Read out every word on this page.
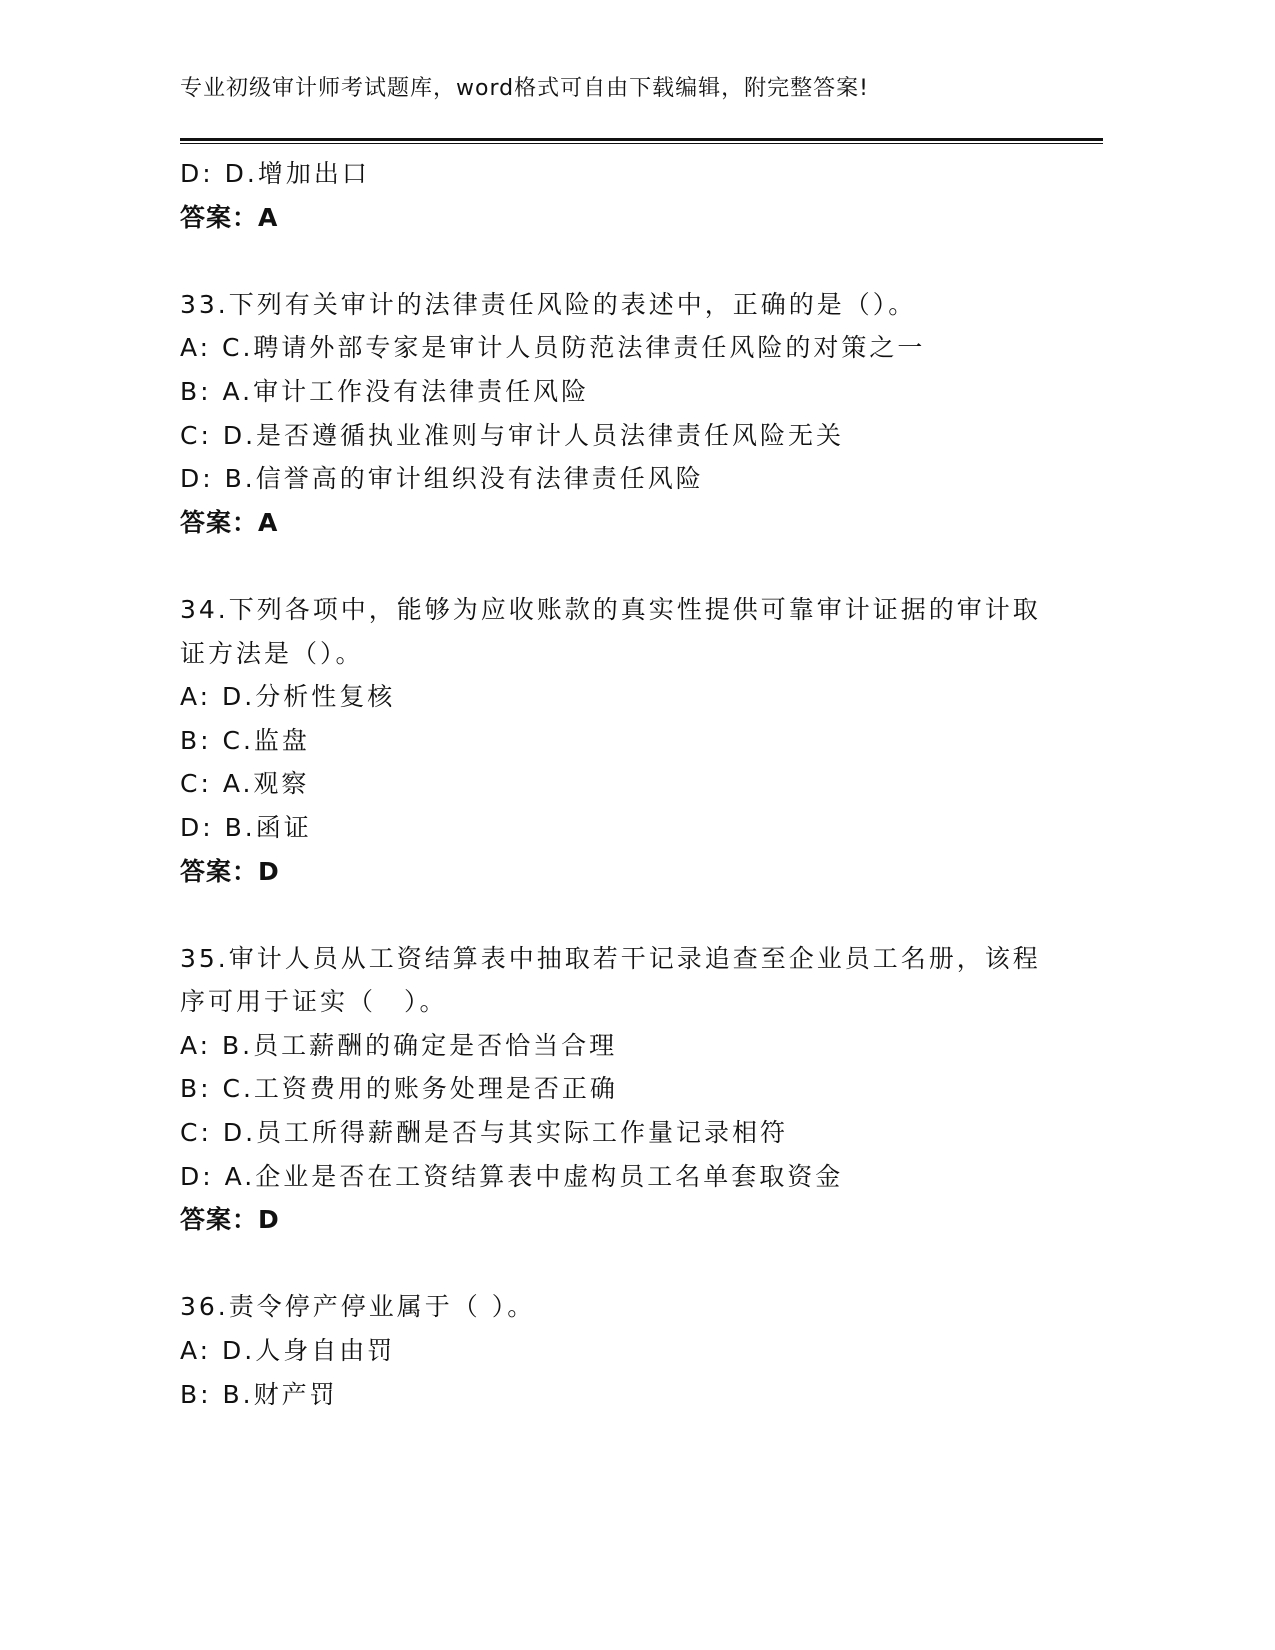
专业初级审计师考试题库，word格式可自由下载编辑，附完整答案!
D: D.增加出口
答案：A
33.下列有关审计的法律责任风险的表述中，正确的是（）。
A: C.聘请外部专家是审计人员防范法律责任风险的对策之一
B: A.审计工作没有法律责任风险
C: D.是否遵循执业准则与审计人员法律责任风险无关
D: B.信誉高的审计组织没有法律责任风险
答案：A
34.下列各项中，能够为应收账款的真实性提供可靠审计证据的审计取
证方法是（）。
A: D.分析性复核
B: C.监盘
C: A.观察
D: B.函证
答案：D
35.审计人员从工资结算表中抽取若干记录追查至企业员工名册，该程
序可用于证实（　）。
A: B.员工薪酬的确定是否恰当合理
B: C.工资费用的账务处理是否正确
C: D.员工所得薪酬是否与其实际工作量记录相符
D: A.企业是否在工资结算表中虚构员工名单套取资金
答案：D
36.责令停产停业属于（ ）。
A: D.人身自由罚
B: B.财产罚
